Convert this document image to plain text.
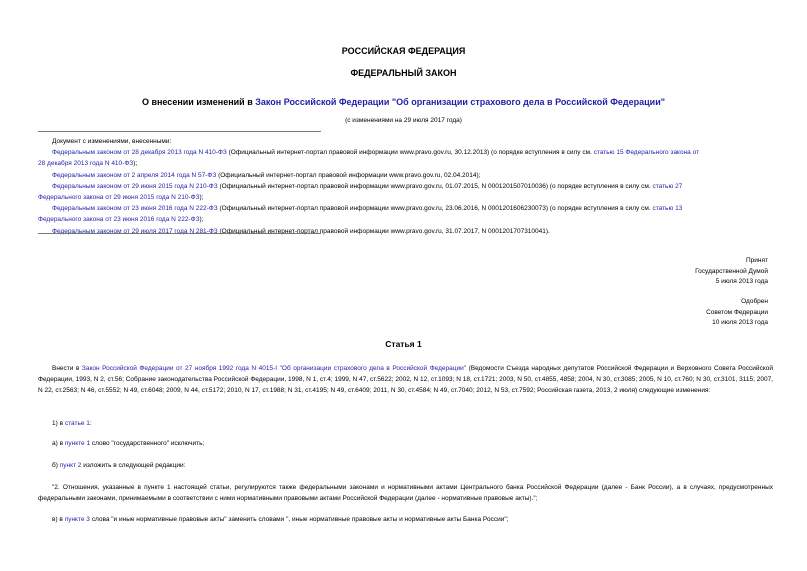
РОССИЙСКАЯ ФЕДЕРАЦИЯ
ФЕДЕРАЛЬНЫЙ ЗАКОН
О внесении изменений в Закон Российской Федерации "Об организации страхового дела в Российской Федерации"
(с изменениями на 29 июля 2017 года)
Документ с изменениями, внесенными:
Федеральным законом от 28 декабря 2013 года N 410-ФЗ (Официальный интернет-портал правовой информации www.pravo.gov.ru, 30.12.2013) (о порядке вступления в силу см. статью 15 Федерального закона от
28 декабря 2013 года N 410-ФЗ);
Федеральным законом от 2 апреля 2014 года N 57-ФЗ (Официальный интернет-портал правовой информации www.pravo.gov.ru, 02.04.2014);
Федеральным законом от 29 июня 2015 года N 210-ФЗ (Официальный интернет-портал правовой информации www.pravo.gov.ru, 01.07.2015, N 0001201507010036) (о порядке вступления в силу см. статью 27
Федерального закона от 29 июня 2015 года N 210-ФЗ);
Федеральным законом от 23 июня 2016 года N 222-ФЗ (Официальный интернет-портал правовой информации www.pravo.gov.ru, 23.06.2016, N 0001201606230073) (о порядке вступления в силу см. статью 13
Федерального закона от 23 июня 2016 года N 222-ФЗ);
Федеральным законом от 29 июля 2017 года N 281-ФЗ (Официальный интернет-портал правовой информации www.pravo.gov.ru, 31.07.2017, N 0001201707310041).
Принят
Государственной Думой
5 июля 2013 года
Одобрен
Советом Федерации
10 июля 2013 года
Статья 1
Внести в Закон Российской Федерации от 27 ноября 1992 года N 4015-I "Об организации страхового дела в Российской Федерации" (Ведомости Съезда народных депутатов Российской Федерации и Верховного Совета Российской Федерации, 1993, N 2, ст.56; Собрание законодательства Российской Федерации, 1998, N 1, ст.4; 1999, N 47, ст.5622; 2002, N 12, ст.1093; N 18, ст.1721; 2003, N 50, ст.4855, 4858; 2004, N 30, ст.3085; 2005, N 10, ст.760; N 30, ст.3101, 3115; 2007, N 22, ст.2563; N 46, ст.5552; N 49, ст.6048; 2009, N 44, ст.5172; 2010, N 17, ст.1988; N 31, ст.4195; N 49, ст.6409; 2011, N 30, ст.4584; N 49, ст.7040; 2012, N 53, ст.7592; Российская газета, 2013, 2 июля) следующие изменения:
1) в статье 1:
а) в пункте 1 слово "государственного" исключить;
б) пункт 2 изложить в следующей редакции:
"2. Отношения, указанные в пункте 1 настоящей статьи, регулируются также федеральными законами и нормативными актами Центрального банка Российской Федерации (далее - Банк России), а в случаях, предусмотренных федеральными законами, принимаемыми в соответствии с ними нормативными правовыми актами Российской Федерации (далее - нормативные правовые акты).";
в) в пункте 3 слова "и иные нормативные правовые акты" заменить словами ", иные нормативные правовые акты и нормативные акты Банка России";
